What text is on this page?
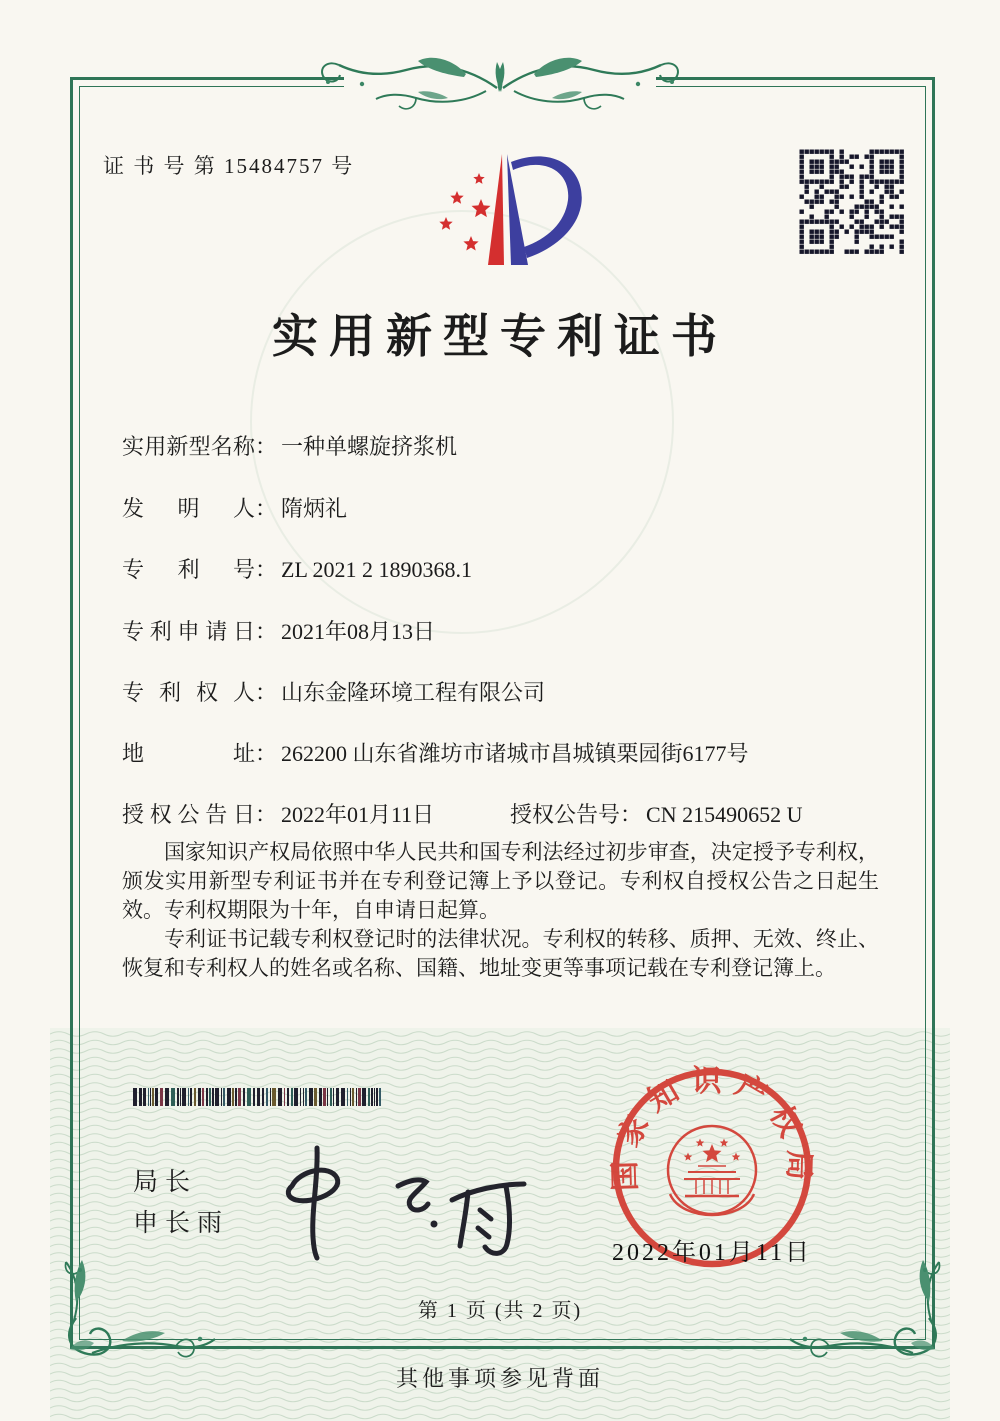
证 书 号 第 15484757 号
实用新型专利证书
实用新型名称 ： 一种单螺旋挤浆机
发明人 ： 隋炳礼
专利号 ： ZL 2021 2 1890368.1
专利申请日 ： 2021年08月13日
专利权人 ： 山东金隆环境工程有限公司
地址 ： 262200 山东省潍坊市诸城市昌城镇栗园街6177号
授权公告日 ： 2022年01月11日	授权公告号 ： CN 215490652 U

国家知识产权局依照中华人民共和国专利法经过初步审查，决定授予专利权，颁发实用新型专利证书并在专利登记簿上予以登记。专利权自授权公告之日起生效。专利权期限为十年，自申请日起算。

专利证书记载专利权登记时的法律状况。专利权的转移、质押、无效、终止、恢复和专利权人的姓名或名称、国籍、地址变更等事项记载在专利登记簿上。

局长
申长雨
国家知识产权局
2022年01月11日
第 1 页 (共 2 页)
其他事项参见背面
